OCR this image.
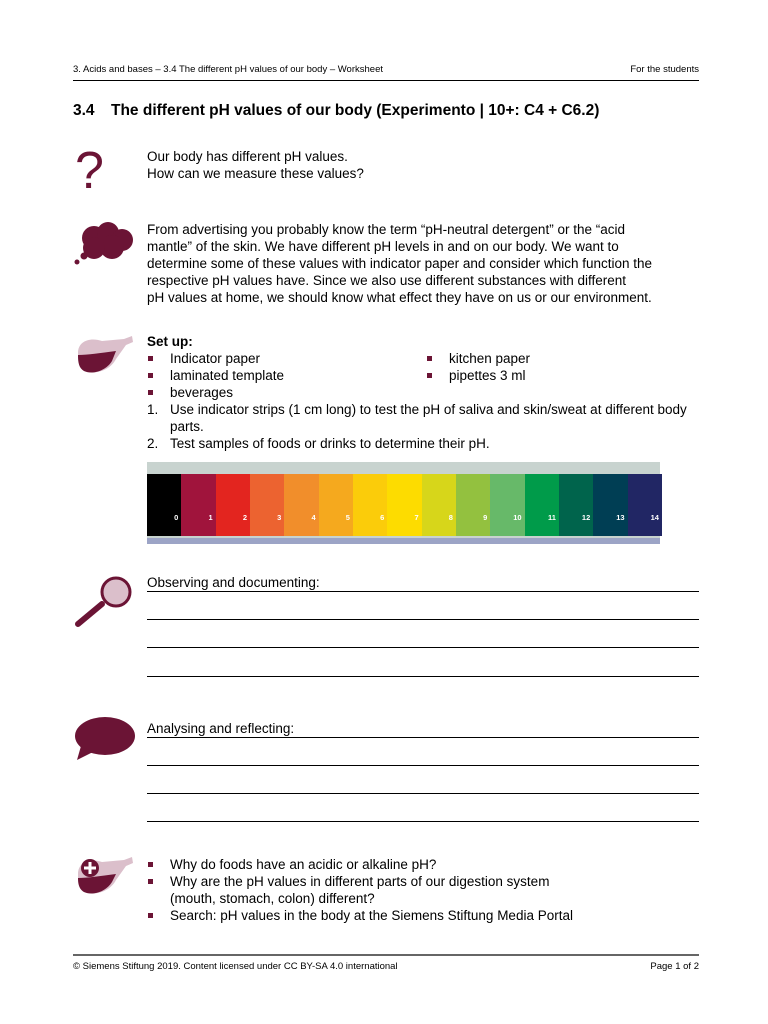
3. Acids and bases – 3.4 The different pH values of our body – Worksheet	For the students
3.4 The different pH values of our body (Experimento | 10+: C4 + C6.2)
?	Our body has different pH values.
How can we measure these values?
From advertising you probably know the term “pH-neutral detergent” or the “acid
mantle” of the skin. We have different pH levels in and on our body. We want to
determine some of these values with indicator paper and consider which function the
respective pH values have. Since we also use different substances with different
pH values at home, we should know what effect they have on us or our environment.
Set up:
Indicator paper
laminated template
beverages
kitchen paper
pipettes 3 ml
1. Use indicator strips (1 cm long) to test the pH of saliva and skin/sweat at different body parts.
2. Test samples of foods or drinks to determine their pH.
0	1	2	3	4	5	6	7	8	9	10	11	12	13	14
Observing and documenting:
Analysing and reflecting:
Why do foods have an acidic or alkaline pH?
Why are the pH values in different parts of our digestion system
(mouth, stomach, colon) different?
Search: pH values in the body at the Siemens Stiftung Media Portal
© Siemens Stiftung 2019. Content licensed under CC BY-SA 4.0 international	Page 1 of 2
